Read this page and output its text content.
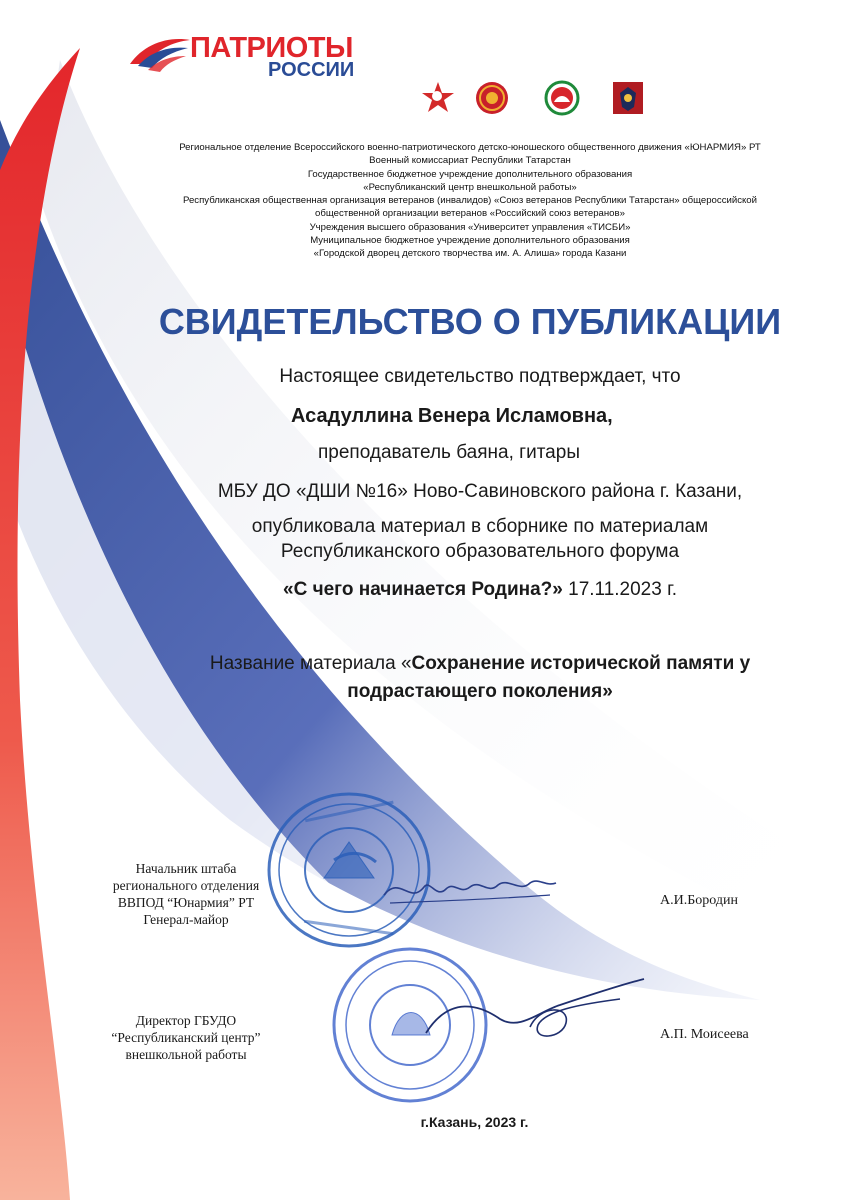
ПАТРИОТЫ
РОССИИ
Региональное отделение Всероссийского военно-патриотического детско-юношеского общественного движения «ЮНАРМИЯ» РТ
Военный комиссариат Республики Татарстан
Государственное бюджетное учреждение дополнительного образования
«Республиканский центр внешкольной работы»
Республиканская общественная организация ветеранов (инвалидов) «Союз ветеранов Республики Татарстан» общероссийской
общественной организации ветеранов «Российский союз ветеранов»
Учреждения высшего образования «Университет управления «ТИСБИ»
Муниципальное бюджетное учреждение дополнительного образования
«Городской дворец детского творчества им. А. Алиша» города Казани
СВИДЕТЕЛЬСТВО О ПУБЛИКАЦИИ
Настоящее свидетельство подтверждает, что
Асадуллина Венера Исламовна,
преподаватель баяна, гитары
МБУ ДО «ДШИ №16» Ново-Савиновского района г. Казани,
опубликовала материал в сборнике по материалам
Республиканского образовательного форума
«С чего начинается Родина?» 17.11.2023 г.
Название материала «Сохранение исторической памяти у
подрастающего поколения»
Начальник штаба
регионального отделения
ВВПОД “Юнармия” РТ
Генерал-майор
А.И.Бородин
Директор ГБУДО
“Республиканский центр”
внешкольной работы
А.П. Моисеева
г.Казань, 2023 г.
